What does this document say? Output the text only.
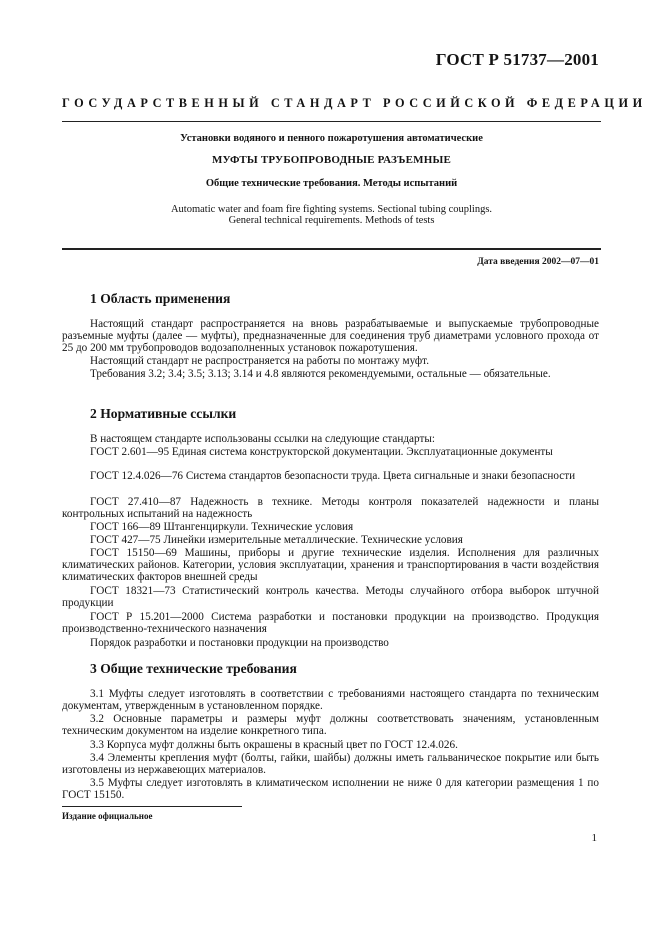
ГОСТ Р 51737—2001
ГОСУДАРСТВЕННЫЙ СТАНДАРТ РОССИЙСКОЙ ФЕДЕРАЦИИ
Установки водяного и пенного пожаротушения автоматические
МУФТЫ ТРУБОПРОВОДНЫЕ РАЗЪЕМНЫЕ
Общие технические требования. Методы испытаний
Automatic water and foam fire fighting systems. Sectional tubing couplings.
General technical requirements. Methods of tests
Дата введения 2002—07—01
1 Область применения
Настоящий стандарт распространяется на вновь разрабатываемые и выпускаемые трубопроводные разъемные муфты (далее — муфты), предназначенные для соединения труб диаметрами условного прохода от 25 до 200 мм трубопроводов водозаполненных установок пожаротушения.
Настоящий стандарт не распространяется на работы по монтажу муфт.
Требования 3.2; 3.4; 3.5; 3.13; 3.14 и 4.8 являются рекомендуемыми, остальные — обязательные.
2 Нормативные ссылки
В настоящем стандарте использованы ссылки на следующие стандарты:
ГОСТ 2.601—95 Единая система конструкторской документации. Эксплуатационные документы
ГОСТ 12.4.026—76 Система стандартов безопасности труда. Цвета сигнальные и знаки безопасности
ГОСТ 27.410—87 Надежность в технике. Методы контроля показателей надежности и планы контрольных испытаний на надежность
ГОСТ 166—89 Штангенциркули. Технические условия
ГОСТ 427—75 Линейки измерительные металлические. Технические условия
ГОСТ 15150—69 Машины, приборы и другие технические изделия. Исполнения для различных климатических районов. Категории, условия эксплуатации, хранения и транспортирования в части воздействия климатических факторов внешней среды
ГОСТ 18321—73 Статистический контроль качества. Методы случайного отбора выборок штучной продукции
ГОСТ Р 15.201—2000 Система разработки и постановки продукции на производство. Продукция производственно-технического назначения
Порядок разработки и постановки продукции на производство
3 Общие технические требования
3.1 Муфты следует изготовлять в соответствии с требованиями настоящего стандарта по техническим документам, утвержденным в установленном порядке.
3.2 Основные параметры и размеры муфт должны соответствовать значениям, установленным техническим документом на изделие конкретного типа.
3.3 Корпуса муфт должны быть окрашены в красный цвет по ГОСТ 12.4.026.
3.4 Элементы крепления муфт (болты, гайки, шайбы) должны иметь гальваническое покрытие или быть изготовлены из нержавеющих материалов.
3.5 Муфты следует изготовлять в климатическом исполнении не ниже 0 для категории размещения 1 по ГОСТ 15150.
Издание официальное
1
